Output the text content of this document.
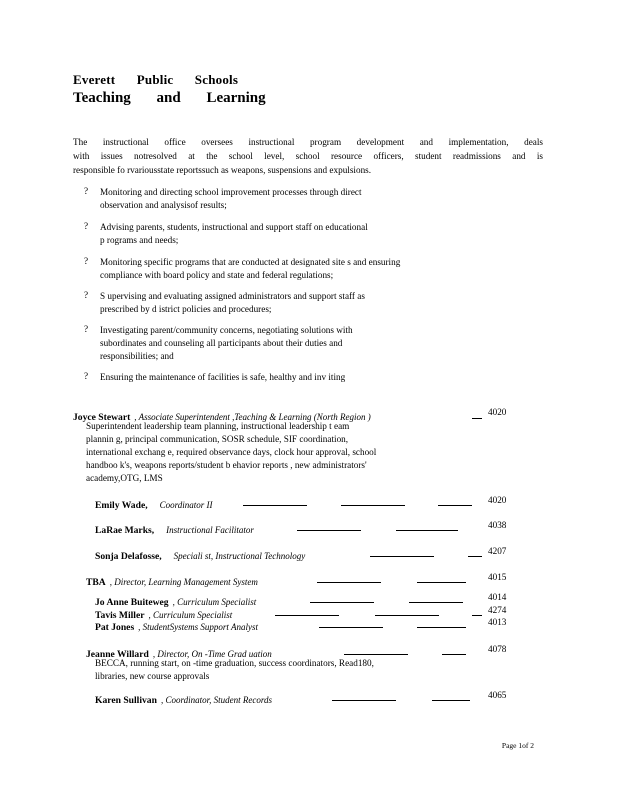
Everett Public Schools
Teaching and Learning
The instructional office oversees instructional program development and implementation, deals
with issues notresolved at the school level, school resource officers, student readmissions and is
responsible fo rvariousstate reportssuch as weapons, suspensions and expulsions.
? Monitoring and directing school improvement processes through direct
observation and analysisof results;
? Advising parents, students, instructional and support staff on educational
p rograms and needs;
? Monitoring specific programs that are conducted at designated site s and ensuring
compliance with board policy and state and federal regulations;
? S upervising and evaluating assigned administrators and support staff as
prescribed by d istrict policies and procedures;
? Investigating parent/community concerns, negotiating solutions with
subordinates and counseling all participants about their duties and
responsibilities; and
? Ensuring the maintenance of facilities is safe, healthy and inv iting
Joyce Stewart , Associate Superintendent ,Teaching & Learning (North Region )	4020
Superintendent leadership team planning, instructional leadership t eam
plannin g, principal communication, SOSR schedule, SIF coordination,
international exchang e, required observance days, clock hour approval, school
handboo k's, weapons reports/student b ehavior reports , new administrators'
academy,OTG, LMS
Emily Wade, Coordinator II	4020
LaRae Marks, Instructional Facilitator	4038
Sonja Delafosse, Speciali st, Instructional Technology	4207
TBA , Director, Learning Management System	4015
Jo Anne Buiteweg , Curriculum Specialist	4014
Tavis Miller , Curriculum Specialist	4274
Pat Jones , StudentSystems Support Analyst	4013
Jeanne Willard , Director, On -Time Grad uation	4078
BECCA, running start, on -time graduation, success coordinators, Read180,
libraries, new course approvals
Karen Sullivan , Coordinator, Student Records	4065
Page 1of 2
